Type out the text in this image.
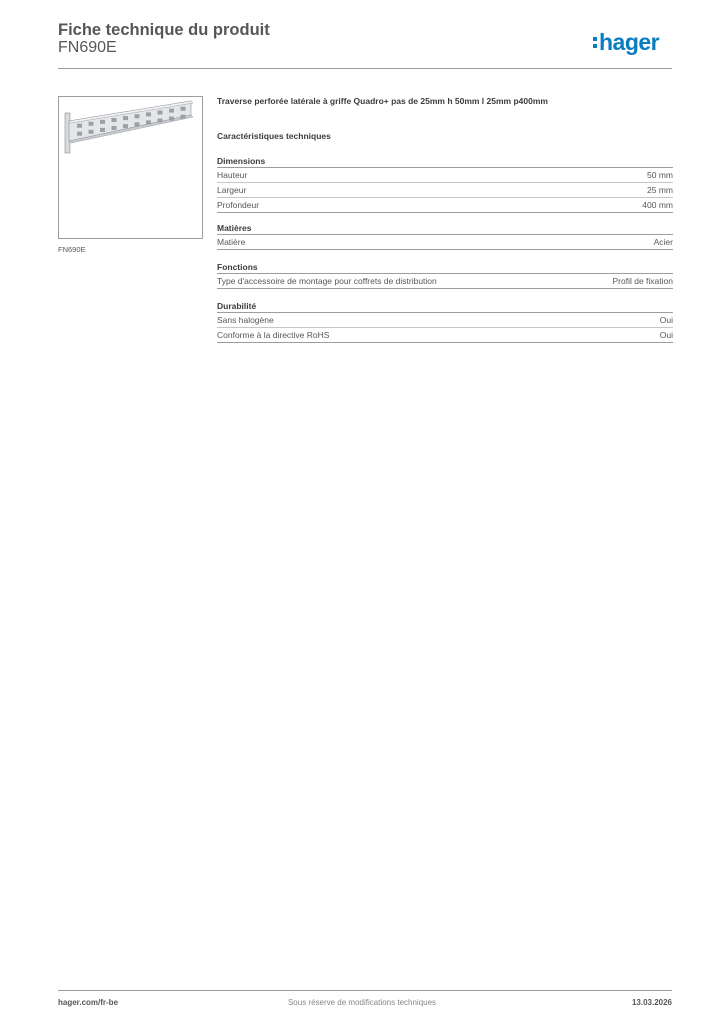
Fiche technique du produit
FN690E	hager
FN690E
Traverse perforée latérale à griffe Quadro+ pas de 25mm h 50mm l 25mm p400mm
Caractéristiques techniques
Dimensions
Hauteur	50 mm
Largeur	25 mm
Profondeur	400 mm
Matières
Matière	Acier
Fonctions
Type d'accessoire de montage pour coffrets de distribution	Profil de fixation
Durabilité
Sans halogène	Oui
Conforme à la directive RoHS	Oui
hager.com/fr-be	Sous réserve de modifications techniques	13.03.2026
